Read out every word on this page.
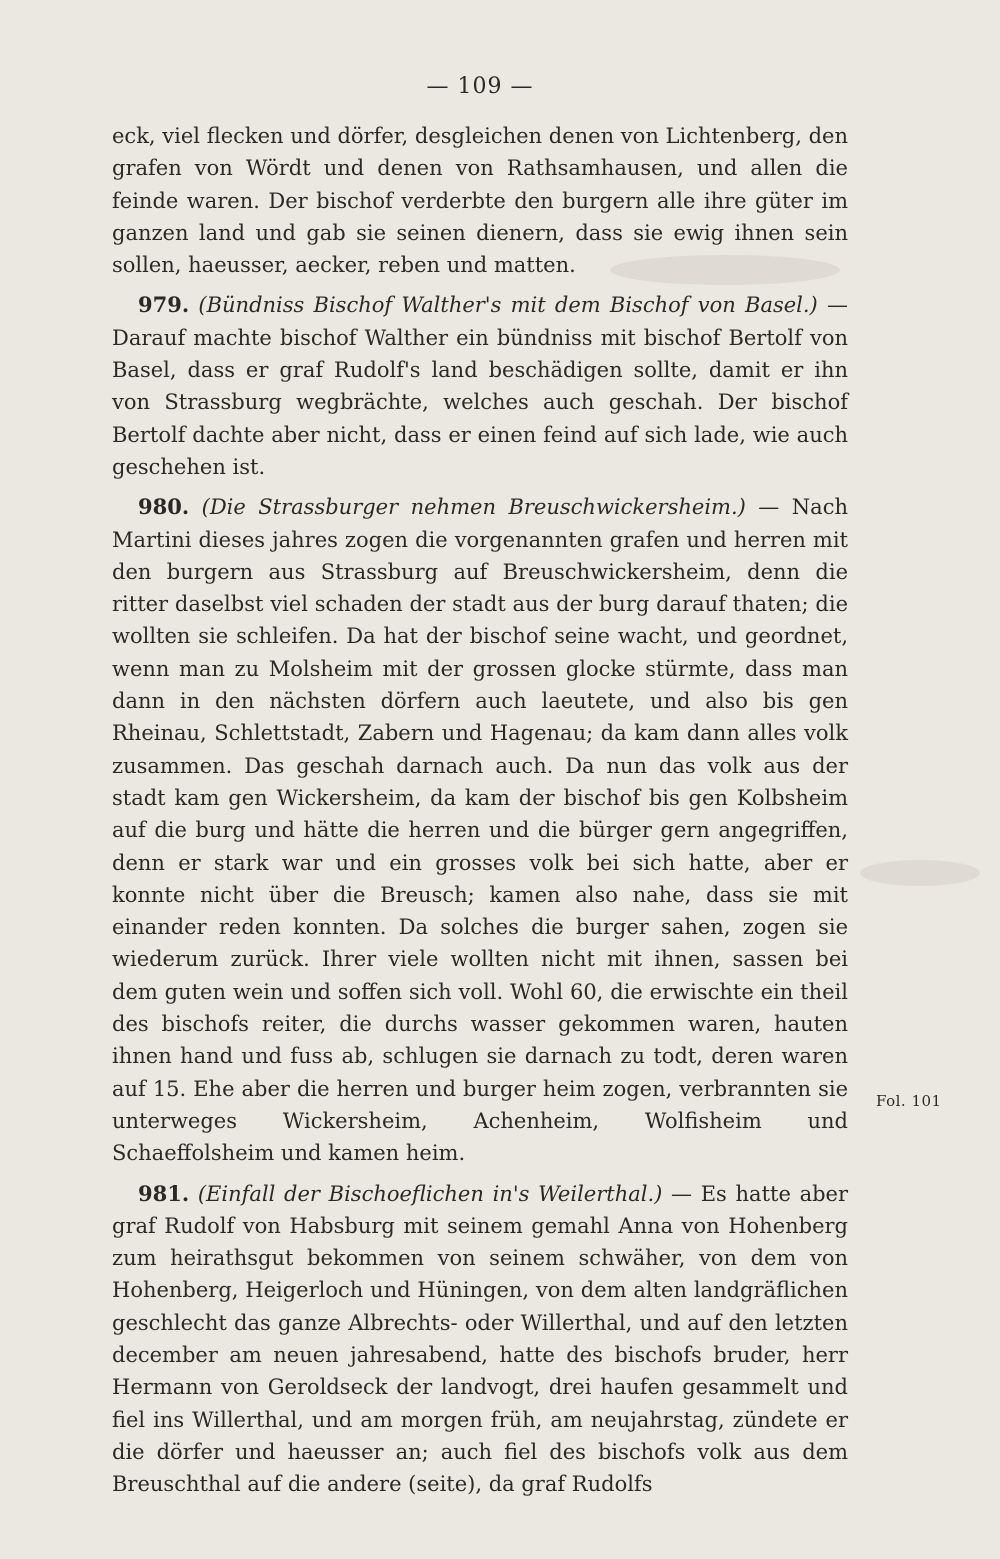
— 109 —

eck, viel flecken und dörfer, desgleichen denen von Lichtenberg, den grafen von Wördt und denen von Rathsamhausen, und allen die feinde waren. Der bischof verderbte den burgern alle ihre güter im ganzen land und gab sie seinen dienern, dass sie ewig ihnen sein sollen, haeusser, aecker, reben und matten.

979. (Bündniss Bischof Walther's mit dem Bischof von Basel.) — Darauf machte bischof Walther ein bündniss mit bischof Bertolf von Basel, dass er graf Rudolf's land beschädigen sollte, damit er ihn von Strassburg wegbrächte, welches auch geschah. Der bischof Bertolf dachte aber nicht, dass er einen feind auf sich lade, wie auch geschehen ist.

980. (Die Strassburger nehmen Breuschwickersheim.) — Nach Martini dieses jahres zogen die vorgenannten grafen und herren mit den burgern aus Strassburg auf Breuschwickersheim, denn die ritter daselbst viel schaden der stadt aus der burg darauf thaten; die wollten sie schleifen. Da hat der bischof seine wacht, und geordnet, wenn man zu Molsheim mit der grossen glocke stürmte, dass man dann in den nächsten dörfern auch laeutete, und also bis gen Rheinau, Schlettstadt, Zabern und Hagenau; da kam dann alles volk zusammen. Das geschah darnach auch. Da nun das volk aus der stadt kam gen Wickersheim, da kam der bischof bis gen Kolbsheim auf die burg und hätte die herren und die bürger gern angegriffen, denn er stark war und ein grosses volk bei sich hatte, aber er konnte nicht über die Breusch; kamen also nahe, dass sie mit einander reden konnten. Da solches die burger sahen, zogen sie wiederum zurück. Ihrer viele wollten nicht mit ihnen, sassen bei dem guten wein und soffen sich voll. Wohl 60, die erwischte ein theil des bischofs reiter, die durchs wasser gekommen waren, hauten ihnen hand und fuss ab, schlugen sie darnach zu todt, deren waren auf 15. Ehe aber die herren und burger heim zogen, verbrannten sie unterweges Wickersheim, Achenheim, Wolfisheim und Schaeffolsheim und kamen heim.

981. (Einfall der Bischoeflichen in's Weilerthal.) — Es hatte aber graf Rudolf von Habsburg mit seinem gemahl Anna von Hohenberg zum heirathsgut bekommen von seinem schwäher, von dem von Hohenberg, Heigerloch und Hüningen, von dem alten landgräflichen geschlecht das ganze Albrechts- oder Willerthal, und auf den letzten december am neuen jahresabend, hatte des bischofs bruder, herr Hermann von Geroldseck der landvogt, drei haufen gesammelt und fiel ins Willerthal, und am morgen früh, am neujahrstag, zündete er die dörfer und haeusser an; auch fiel des bischofs volk aus dem Breuschthal auf die andere (seite), da graf Rudolfs

Fol. 101
